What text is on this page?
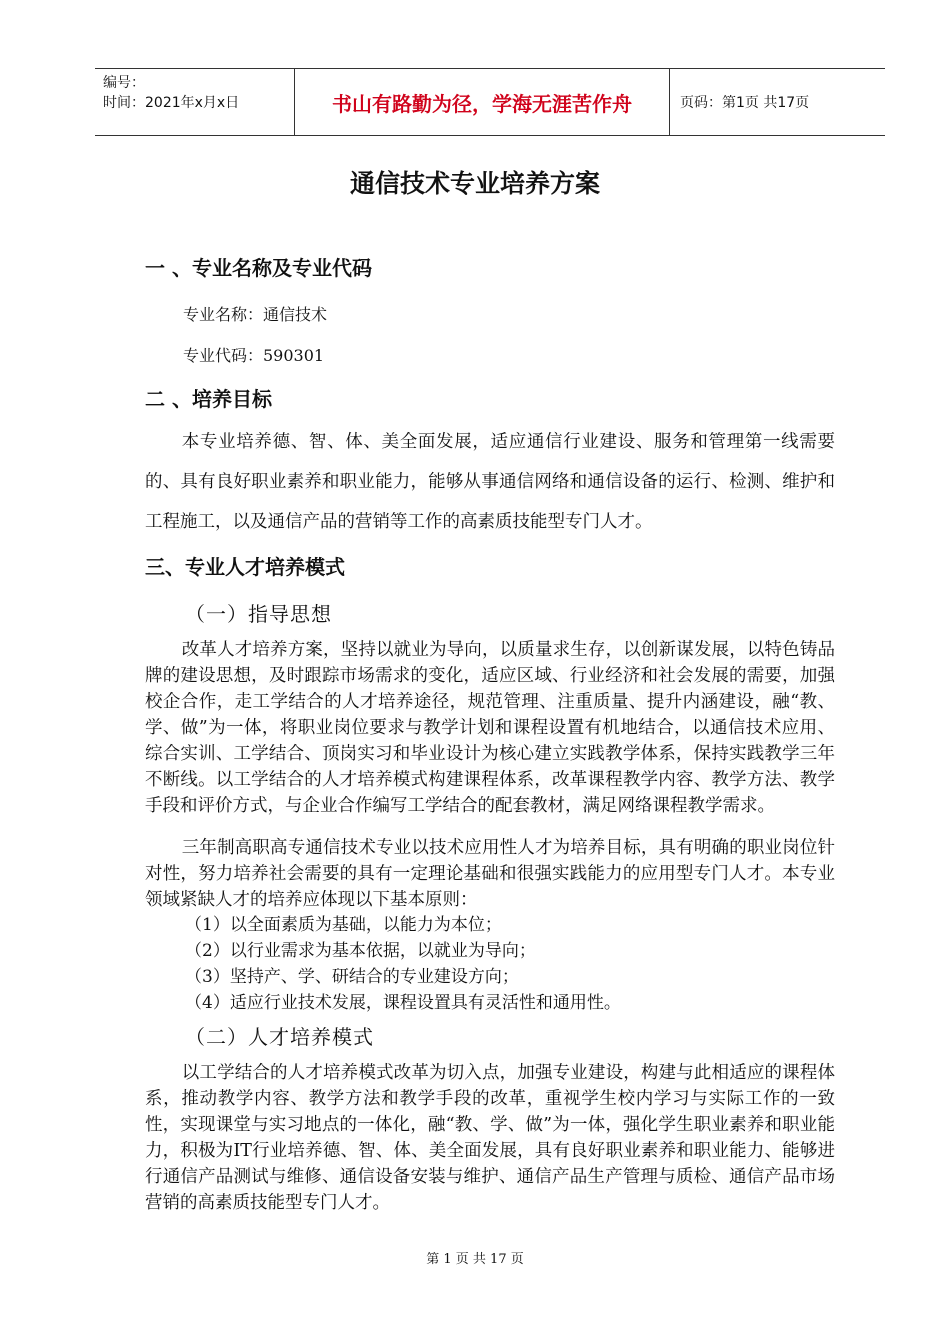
编号：
时间：2021年x月x日	书山有路勤为径，学海无涯苦作舟	页码：第1页 共17页
通信技术专业培养方案
一 、专业名称及专业代码
专业名称：通信技术
专业代码：590301
二 、培养目标

本专业培养德、智、体、美全面发展，适应通信行业建设、服务和管理第一线需要的、具有良好职业素养和职业能力，能够从事通信网络和通信设备的运行、检测、维护和工程施工，以及通信产品的营销等工作的高素质技能型专门人才。

三、专业人才培养模式
（一）指导思想

改革人才培养方案，坚持以就业为导向，以质量求生存，以创新谋发展，以特色铸品牌的建设思想，及时跟踪市场需求的变化，适应区域、行业经济和社会发展的需要，加强校企合作，走工学结合的人才培养途径，规范管理、注重质量、提升内涵建设，融“教、学、做”为一体，将职业岗位要求与教学计划和课程设置有机地结合，以通信技术应用、综合实训、工学结合、顶岗实习和毕业设计为核心建立实践教学体系，保持实践教学三年不断线。以工学结合的人才培养模式构建课程体系，改革课程教学内容、教学方法、教学手段和评价方式，与企业合作编写工学结合的配套教材，满足网络课程教学需求。

三年制高职高专通信技术专业以技术应用性人才为培养目标，具有明确的职业岗位针对性，努力培养社会需要的具有一定理论基础和很强实践能力的应用型专门人才。本专业领域紧缺人才的培养应体现以下基本原则：

（1）以全面素质为基础，以能力为本位；
（2）以行业需求为基本依据，以就业为导向；
（3）坚持产、学、研结合的专业建设方向；
（4）适应行业技术发展，课程设置具有灵活性和通用性。
（二）人才培养模式

以工学结合的人才培养模式改革为切入点，加强专业建设，构建与此相适应的课程体系，推动教学内容、教学方法和教学手段的改革，重视学生校内学习与实际工作的一致性，实现课堂与实习地点的一体化，融“教、学、做”为一体，强化学生职业素养和职业能力，积极为IT行业培养德、智、体、美全面发展，具有良好职业素养和职业能力、能够进行通信产品测试与维修、通信设备安装与维护、通信产品生产管理与质检、通信产品市场营销的高素质技能型专门人才。

第 1 页 共 17 页
